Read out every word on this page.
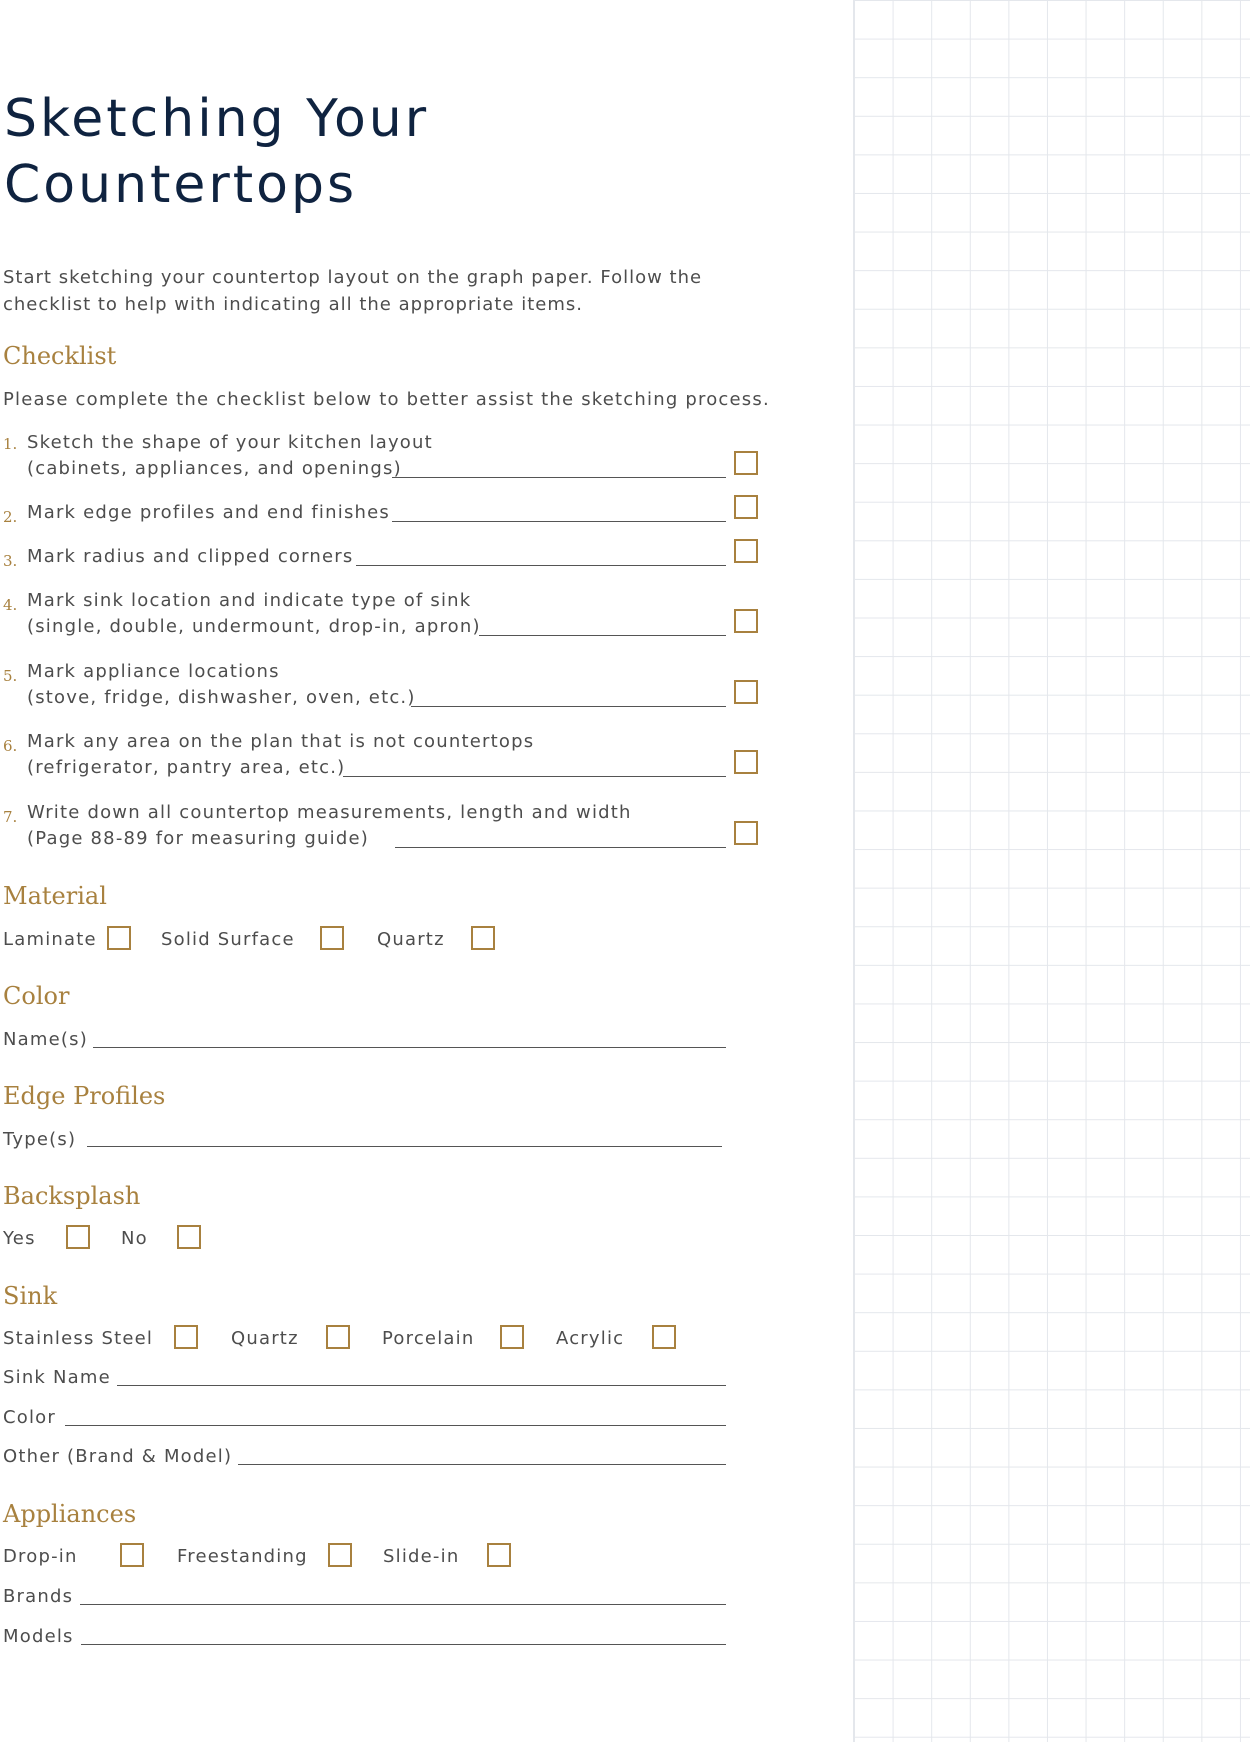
Sketching Your
Countertops
Start sketching your countertop layout on the graph paper. Follow the checklist to help with indicating all the appropriate items.
Checklist
Please complete the checklist below to better assist the sketching process.
1. Sketch the shape of your kitchen layout
(cabinets, appliances, and openings)
2. Mark edge profiles and end finishes
3. Mark radius and clipped corners
4. Mark sink location and indicate type of sink
(single, double, undermount, drop-in, apron)
5. Mark appliance locations
(stove, fridge, dishwasher, oven, etc.)
6. Mark any area on the plan that is not countertops
(refrigerator, pantry area, etc.)
7. Write down all countertop measurements, length and width
(Page 88-89 for measuring guide)
Material
Laminate	Solid Surface	Quartz
Color
Name(s)
Edge Profiles
Type(s)
Backsplash
Yes	No
Sink
Stainless Steel	Quartz	Porcelain	Acrylic
Sink Name
Color
Other (Brand & Model)
Appliances
Drop-in	Freestanding	Slide-in
Brands
Models
